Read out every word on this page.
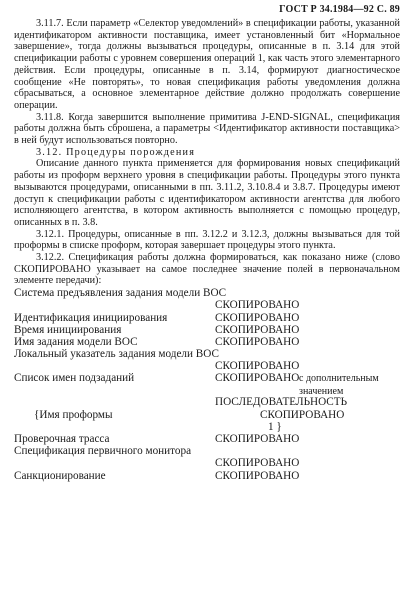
ГОСТ Р 34.1984—92 С. 89

3.11.7. Если параметр «Селектор уведомлений» в спецификации работы, указанной идентификатором активности поставщика, имеет установленный бит «Нормальное завершение», тогда должны вызываться процедуры, описанные в п. 3.14 для этой спецификации работы с уровнем совершения операций 1, как часть этого элементарного действия. Если процедуры, описанные в п. 3.14, формируют диагностическое сообщение «Не повторять», то новая спецификация работы уведомления должна сбрасываться, а основное элементарное действие должно продолжать совершение операции.

3.11.8. Когда завершится выполнение примитива J-END-SIGNAL, спецификация работы должна быть сброшена, а параметры <Идентификатор активности поставщика> в ней будут использоваться повторно.

3.12. Процедуры порождения

Описание данного пункта применяется для формирования новых спецификаций работы из проформ верхнего уровня в спецификации работы. Процедуры этого пункта вызываются процедурами, описанными в пп. 3.11.2, 3.10.8.4 и 3.8.7. Процедуры имеют доступ к спецификации работы с идентификатором активности агентства для любого исполняющего агентства, в котором активность выполняется с помощью процедур, описанных в п. 3.8.

3.12.1. Процедуры, описанные в пп. 3.12.2 и 3.12.3, должны вызываться для той проформы в списке проформ, которая завершает процедуры этого пункта.

3.12.2. Спецификация работы должна формироваться, как показано ниже (слово СКОПИРОВАНО указывает на самое последнее значение полей в первоначальном элементе передачи):

Система предъявления задания модели ВОС
СКОПИРОВАНО
Идентификация инициирования	СКОПИРОВАНО
Время инициирования	СКОПИРОВАНО
Имя задания модели ВОС	СКОПИРОВАНО
Локальный указатель задания модели ВОС
СКОПИРОВАНО
Список имен подзаданий	СКОПИРОВАНО с дополнительным значением
ПОСЛЕДОВАТЕЛЬНОСТЬ
{Имя проформы	СКОПИРОВАНО
1 }
Проверочная трасса	СКОПИРОВАНО
Спецификация первичного монитора
СКОПИРОВАНО
Санкционирование	СКОПИРОВАНО
